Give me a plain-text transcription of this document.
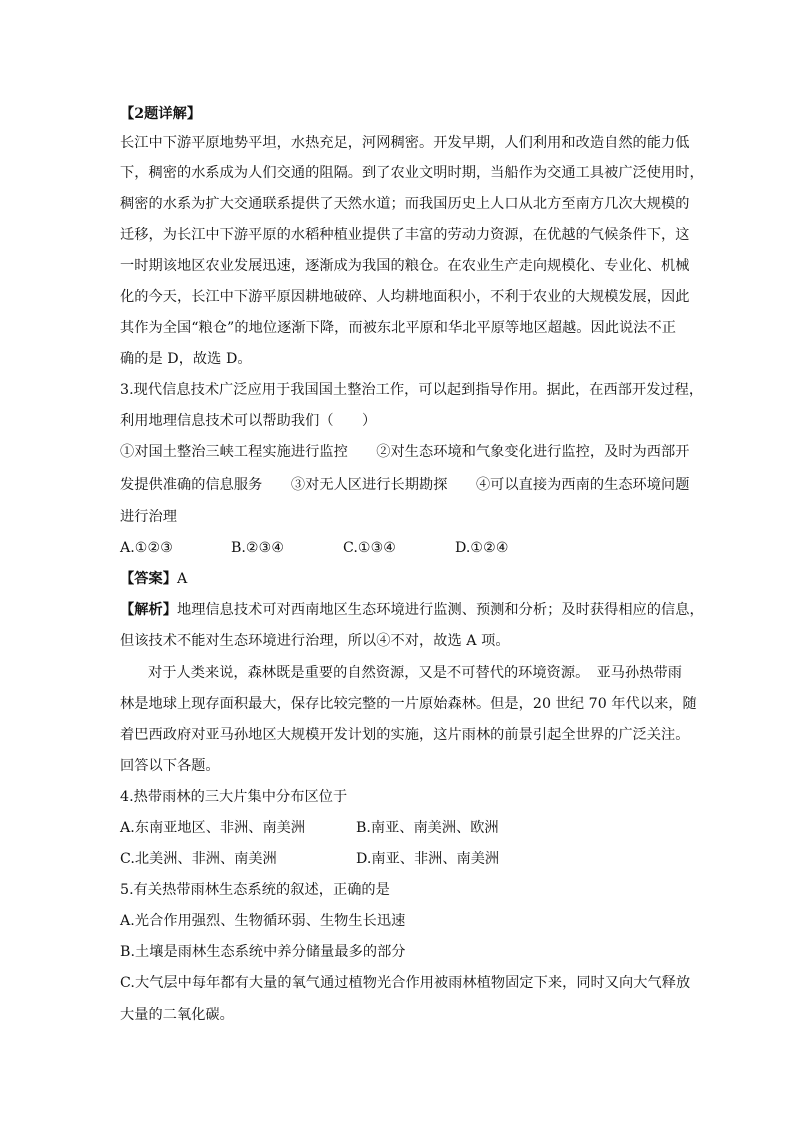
【2题详解】
长江中下游平原地势平坦，水热充足，河网稠密。开发早期，人们利用和改造自然的能力低
下，稠密的水系成为人们交通的阻隔。到了农业文明时期，当船作为交通工具被广泛使用时，
稠密的水系为扩大交通联系提供了天然水道；而我国历史上人口从北方至南方几次大规模的
迁移，为长江中下游平原的水稻种植业提供了丰富的劳动力资源，在优越的气候条件下，这
一时期该地区农业发展迅速，逐渐成为我国的粮仓。在农业生产走向规模化、专业化、机械
化的今天，长江中下游平原因耕地破碎、人均耕地面积小，不利于农业的大规模发展，因此
其作为全国“粮仓”的地位逐渐下降，而被东北平原和华北平原等地区超越。因此说法不正
确的是 D，故选 D。
3.现代信息技术广泛应用于我国国土整治工作，可以起到指导作用。据此，在西部开发过程，
利用地理信息技术可以帮助我们（　　）
①对国土整治三峡工程实施进行监控　　②对生态环境和气象变化进行监控，及时为西部开
发提供准确的信息服务　　③对无人区进行长期勘探　　④可以直接为西南的生态环境问题
进行治理
A.①②③	B.②③④	C.①③④	D.①②④
【答案】A
【解析】地理信息技术可对西南地区生态环境进行监测、预测和分析；及时获得相应的信息，
但该技术不能对生态环境进行治理，所以④不对，故选 A 项。
对于人类来说，森林既是重要的自然资源，又是不可替代的环境资源。　亚马孙热带雨
林是地球上现存面积最大，保存比较完整的一片原始森林。但是，20 世纪 70 年代以来，随
着巴西政府对亚马孙地区大规模开发计划的实施，这片雨林的前景引起全世界的广泛关注。
回答以下各题。
4.热带雨林的三大片集中分布区位于
A.东南亚地区、非洲、南美洲	B.南亚、南美洲、欧洲
C.北美洲、非洲、南美洲	D.南亚、非洲、南美洲
5.有关热带雨林生态系统的叙述，正确的是
A.光合作用强烈、生物循环弱、生物生长迅速
B.土壤是雨林生态系统中养分储量最多的部分
C.大气层中每年都有大量的氧气通过植物光合作用被雨林植物固定下来，同时又向大气释放
大量的二氧化碳。
